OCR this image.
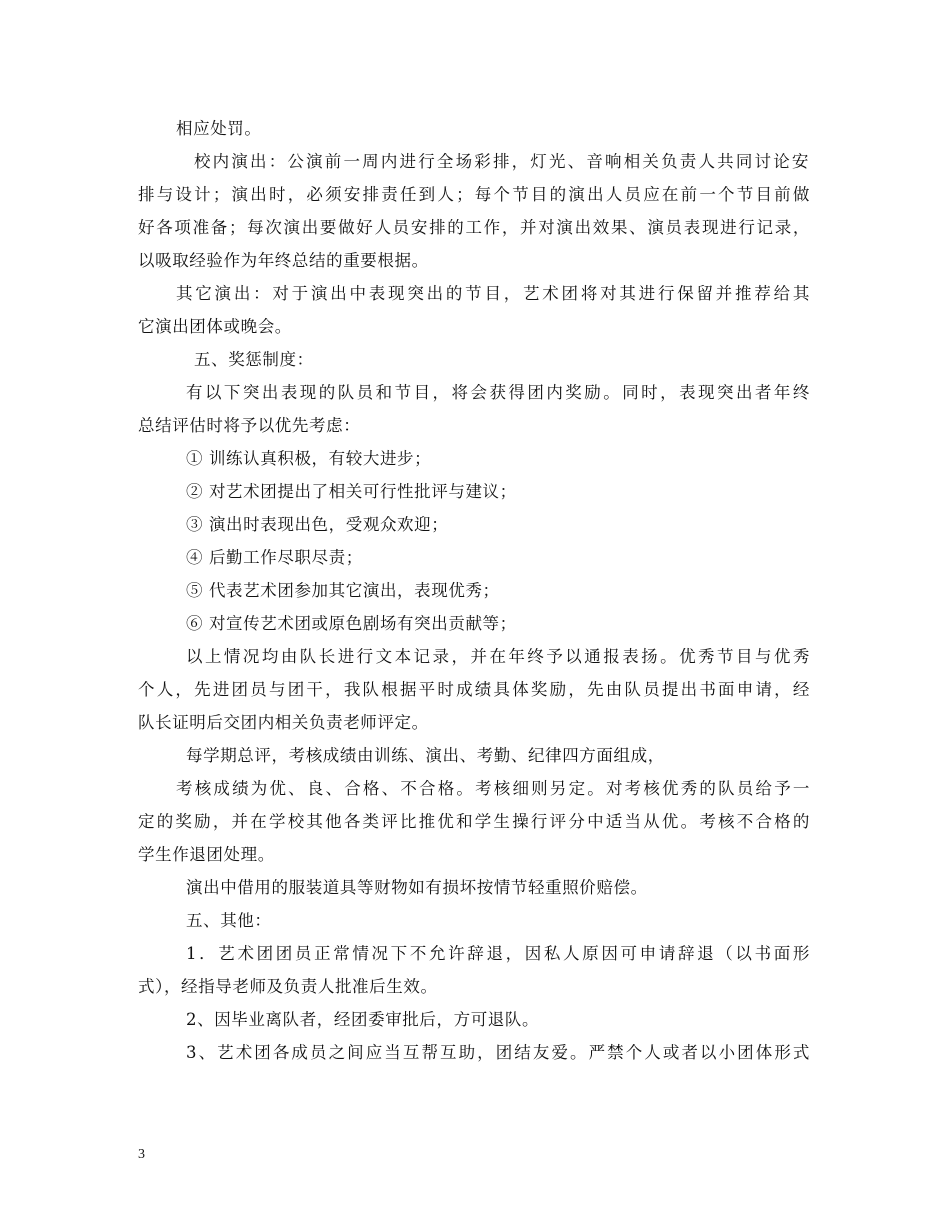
相应处罚。
校内演出：公演前一周内进行全场彩排，灯光、音响相关负责人共同讨论安
排与设计；演出时，必须安排责任到人；每个节目的演出人员应在前一个节目前做
好各项准备；每次演出要做好人员安排的工作，并对演出效果、演员表现进行记录，
以吸取经验作为年终总结的重要根据。
其它演出：对于演出中表现突出的节目，艺术团将对其进行保留并推荐给其
它演出团体或晚会。
五、奖惩制度：
有以下突出表现的队员和节目，将会获得团内奖励。同时，表现突出者年终
总结评估时将予以优先考虑：
① 训练认真积极，有较大进步；
② 对艺术团提出了相关可行性批评与建议；
③ 演出时表现出色，受观众欢迎；
④ 后勤工作尽职尽责；
⑤ 代表艺术团参加其它演出，表现优秀；
⑥ 对宣传艺术团或原色剧场有突出贡献等；
以上情况均由队长进行文本记录，并在年终予以通报表扬。优秀节目与优秀
个人，先进团员与团干，我队根据平时成绩具体奖励，先由队员提出书面申请，经
队长证明后交团内相关负责老师评定。
每学期总评，考核成绩由训练、演出、考勤、纪律四方面组成，
考核成绩为优、良、合格、不合格。考核细则另定。对考核优秀的队员给予一
定的奖励，并在学校其他各类评比推优和学生操行评分中适当从优。考核不合格的
学生作退团处理。
演出中借用的服装道具等财物如有损坏按情节轻重照价赔偿。
五、其他：
1．艺术团团员正常情况下不允许辞退，因私人原因可申请辞退（以书面形
式），经指导老师及负责人批准后生效。
2、因毕业离队者，经团委审批后，方可退队。
3、艺术团各成员之间应当互帮互助，团结友爱。严禁个人或者以小团体形式
3
